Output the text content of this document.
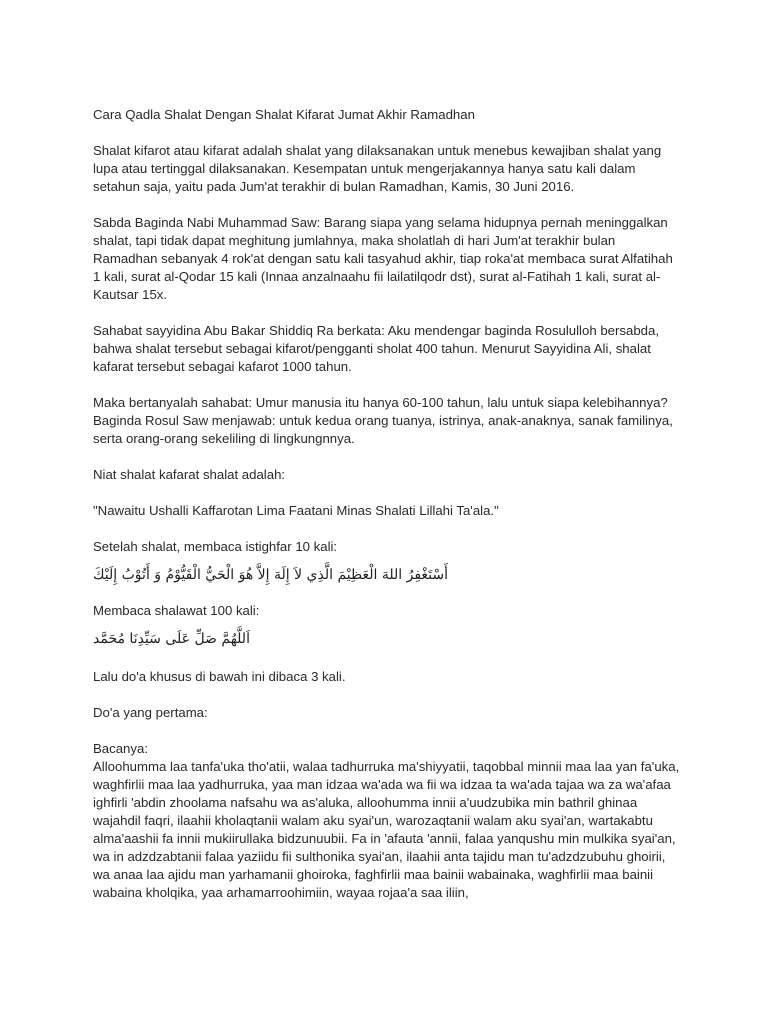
Cara Qadla Shalat Dengan Shalat Kifarat Jumat Akhir Ramadhan

Shalat kifarot atau kifarat adalah shalat yang dilaksanakan untuk menebus kewajiban shalat yang lupa atau tertinggal dilaksanakan. Kesempatan untuk mengerjakannya hanya satu kali dalam setahun saja, yaitu pada Jum'at terakhir di bulan Ramadhan, Kamis, 30 Juni 2016.

Sabda Baginda Nabi Muhammad Saw: Barang siapa yang selama hidupnya pernah meninggalkan shalat, tapi tidak dapat meghitung jumlahnya, maka sholatlah di hari Jum'at terakhir bulan Ramadhan sebanyak 4 rok'at dengan satu kali tasyahud akhir, tiap roka'at membaca surat Alfatihah 1 kali, surat al-Qodar 15 kali (Innaa anzalnaahu fii lailatilqodr dst), surat al-Fatihah 1 kali, surat al-Kautsar 15x.

Sahabat sayyidina Abu Bakar Shiddiq Ra berkata: Aku mendengar baginda Rosululloh bersabda, bahwa shalat tersebut sebagai kifarot/pengganti sholat 400 tahun. Menurut Sayyidina Ali, shalat kafarat tersebut sebagai kafarot 1000 tahun.

Maka bertanyalah sahabat: Umur manusia itu hanya 60-100 tahun, lalu untuk siapa kelebihannya?Baginda Rosul Saw menjawab: untuk kedua orang tuanya, istrinya, anak-anaknya, sanak familinya, serta orang-orang sekeliling di lingkungnnya.

Niat shalat kafarat shalat adalah:

"Nawaitu Ushalli Kaffarotan Lima Faatani Minas Shalati Lillahi Ta'ala."

Setelah shalat, membaca istighfar 10 kali:

أَسْتَغْفِرُ اللهَ الْعَظِيْمَ الَّذِي لاَ إِلَهَ إِلاَّ هُوَ الْحَيُّ الْقَيُّوْمُ وَ أَتُوْبُ إِلَيْكَ

Membaca shalawat 100 kali:

اَللَّهُمَّ صَلِّ عَلَى سَيِّدِنَا مُحَمَّد

Lalu do'a khusus di bawah ini dibaca 3 kali.

Do'a yang pertama:

Bacanya:

Alloohumma laa tanfa'uka tho'atii, walaa tadhurruka ma'shiyyatii, taqobbal minnii maa laa yan fa'uka, waghfirlii maa laa yadhurruka, yaa man idzaa wa'ada wa fii wa idzaa ta wa'ada tajaa wa za wa'afaa ighfirli 'abdin zhoolama nafsahu wa as'aluka, alloohumma innii a'uudzubika min bathril ghinaa wajahdil faqri, ilaahii kholaqtanii walam aku syai'un, warozaqtanii walam aku syai'an, wartakabtu alma'aashii fa innii mukiirullaka bidzunuubii. Fa in 'afauta 'annii, falaa yanqushu min mulkika syai'an, wa in adzdzabtanii falaa yaziidu fii sulthonika syai'an, ilaahii anta tajidu man tu'adzdzubuhu ghoirii, wa anaa laa ajidu man yarhamanii ghoiroka, faghfirlii maa bainii wabainaka, waghfirlii maa bainii wabaina kholqika, yaa arhamarroohimiin, wayaa rojaa'a saa iliin,
